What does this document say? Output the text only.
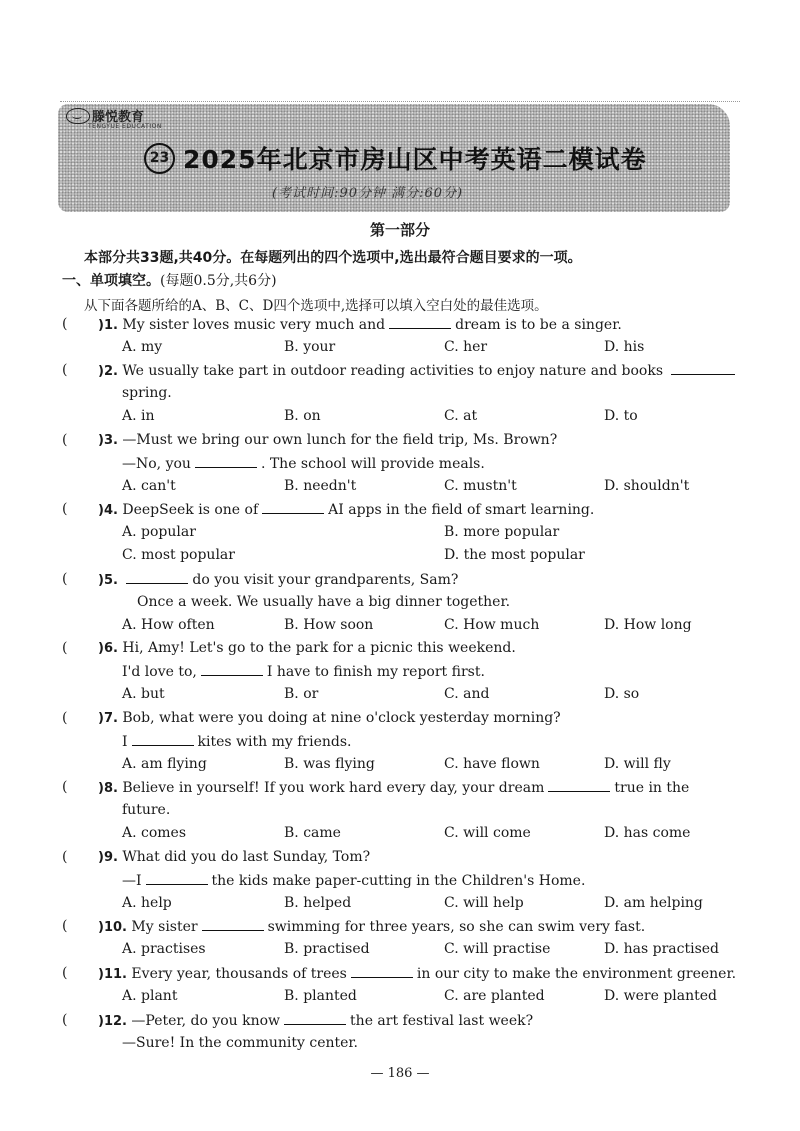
滕悦教育
TENGYUE EDUCATION
23 2025年北京市房山区中考英语二模试卷
(考试时间:90分钟 满分:60分)
第一部分
本部分共33题,共40分。在每题列出的四个选项中,选出最符合题目要求的一项。
一、单项填空。(每题0.5分,共6分)
从下面各题所给的A、B、C、D四个选项中,选择可以填入空白处的最佳选项。
( )1. My sister loves music very much and	dream is to be a singer.
A. my	B. your	C. her	D. his
( )2. We usually take part in outdoor reading activities to enjoy nature and books
spring.
A. in	B. on	C. at	D. to
( )3. —Must we bring our own lunch for the field trip, Ms. Brown?
—No, you	. The school will provide meals.
A. can't	B. needn't	C. mustn't	D. shouldn't
( )4. DeepSeek is one of	AI apps in the field of smart learning.
A. popular	B. more popular
C. most popular	D. the most popular
( )5.	do you visit your grandparents, Sam?
Once a week. We usually have a big dinner together.
A. How often	B. How soon	C. How much	D. How long
( )6. Hi, Amy! Let's go to the park for a picnic this weekend.
I'd love to,	I have to finish my report first.
A. but	B. or	C. and	D. so
( )7. Bob, what were you doing at nine o'clock yesterday morning?
I	kites with my friends.
A. am flying	B. was flying	C. have flown	D. will fly
( )8. Believe in yourself! If you work hard every day, your dream	true in the
future.
A. comes	B. came	C. will come	D. has come
( )9. What did you do last Sunday, Tom?
—I	the kids make paper-cutting in the Children's Home.
A. help	B. helped	C. will help	D. am helping
( )10. My sister	swimming for three years, so she can swim very fast.
A. practises	B. practised	C. will practise	D. has practised
( )11. Every year, thousands of trees	in our city to make the environment greener.
A. plant	B. planted	C. are planted	D. were planted
( )12. —Peter, do you know	the art festival last week?
—Sure! In the community center.
— 186 —
